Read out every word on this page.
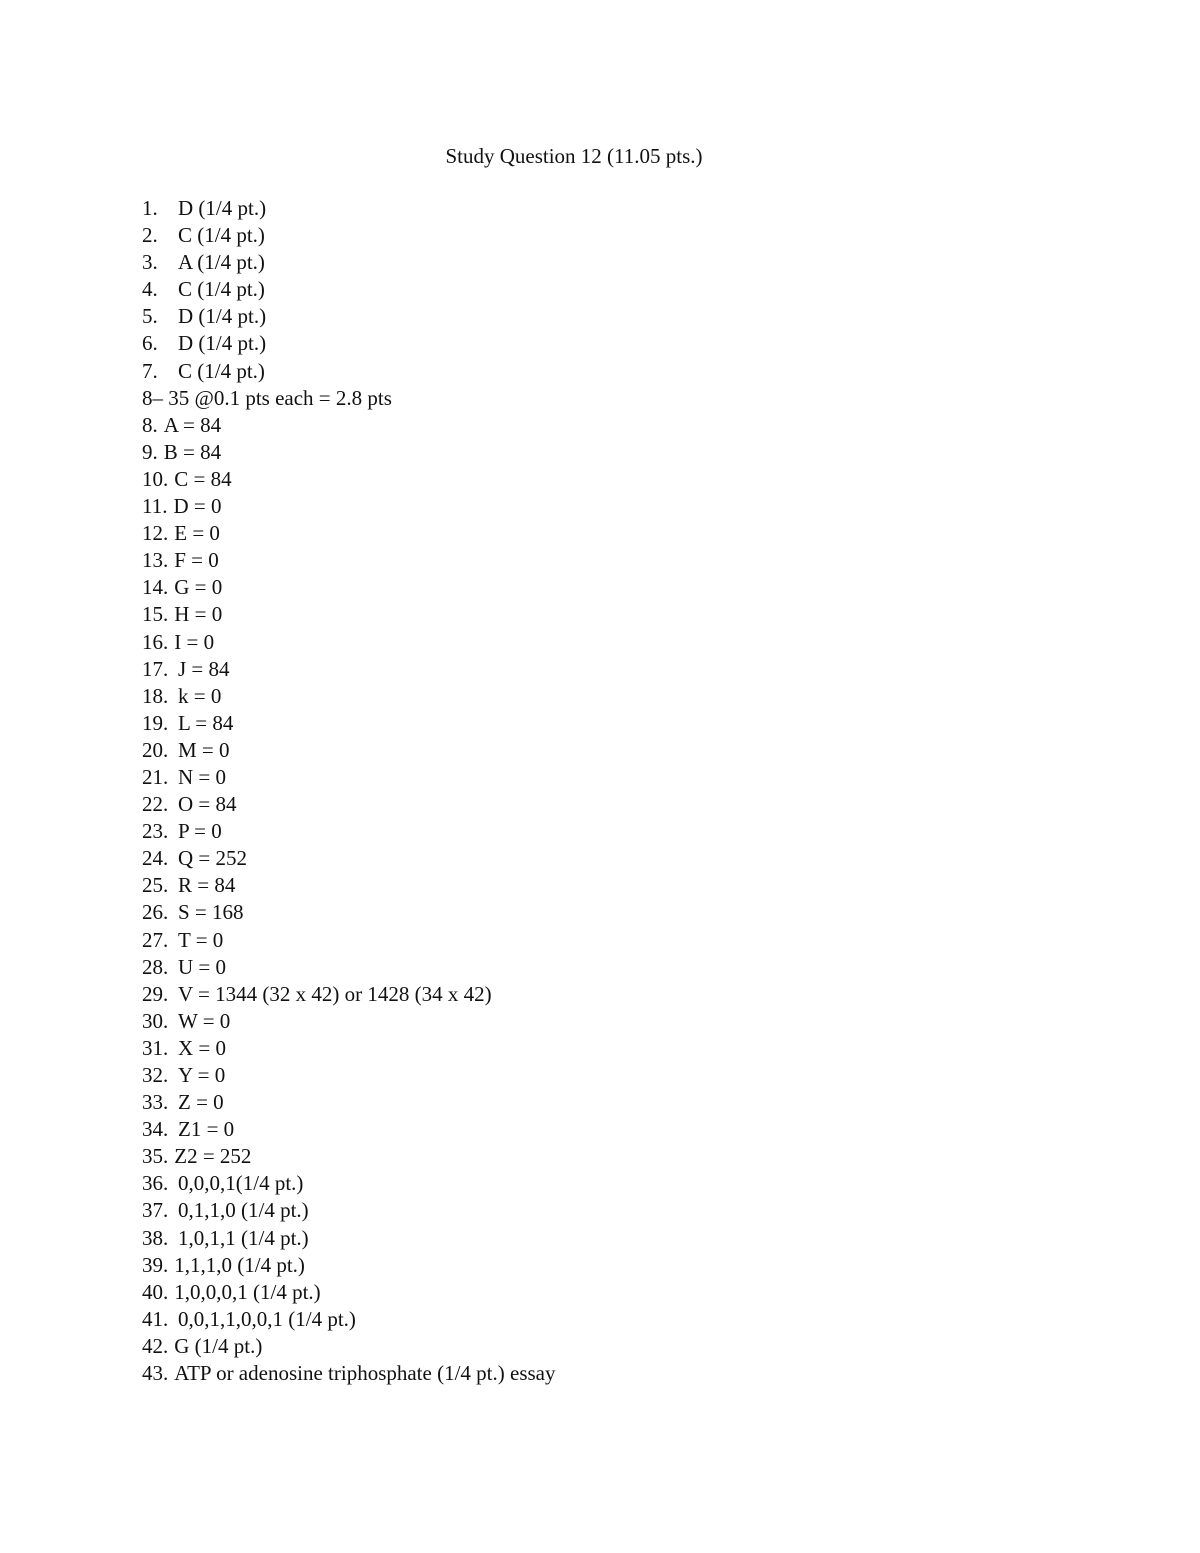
Study Question 12 (11.05 pts.)
1. D (1/4 pt.)
2. C (1/4 pt.)
3. A (1/4 pt.)
4. C (1/4 pt.)
5. D (1/4 pt.)
6. D (1/4 pt.)
7. C (1/4 pt.)
8– 35 @0.1 pts each = 2.8 pts
8. A = 84
9. B = 84
10. C = 84
11. D = 0
12. E = 0
13. F = 0
14. G = 0
15. H = 0
16. I = 0
17. J = 84
18. k = 0
19. L = 84
20. M = 0
21. N = 0
22. O = 84
23. P = 0
24. Q = 252
25. R = 84
26. S = 168
27. T = 0
28. U = 0
29. V = 1344 (32 x 42) or 1428 (34 x 42)
30. W = 0
31. X = 0
32. Y = 0
33. Z = 0
34. Z1 = 0
35. Z2 = 252
36. 0,0,0,1(1/4 pt.)
37. 0,1,1,0 (1/4 pt.)
38. 1,0,1,1 (1/4 pt.)
39. 1,1,1,0 (1/4 pt.)
40. 1,0,0,0,1 (1/4 pt.)
41. 0,0,1,1,0,0,1 (1/4 pt.)
42. G (1/4 pt.)
43. ATP or adenosine triphosphate (1/4 pt.) essay
